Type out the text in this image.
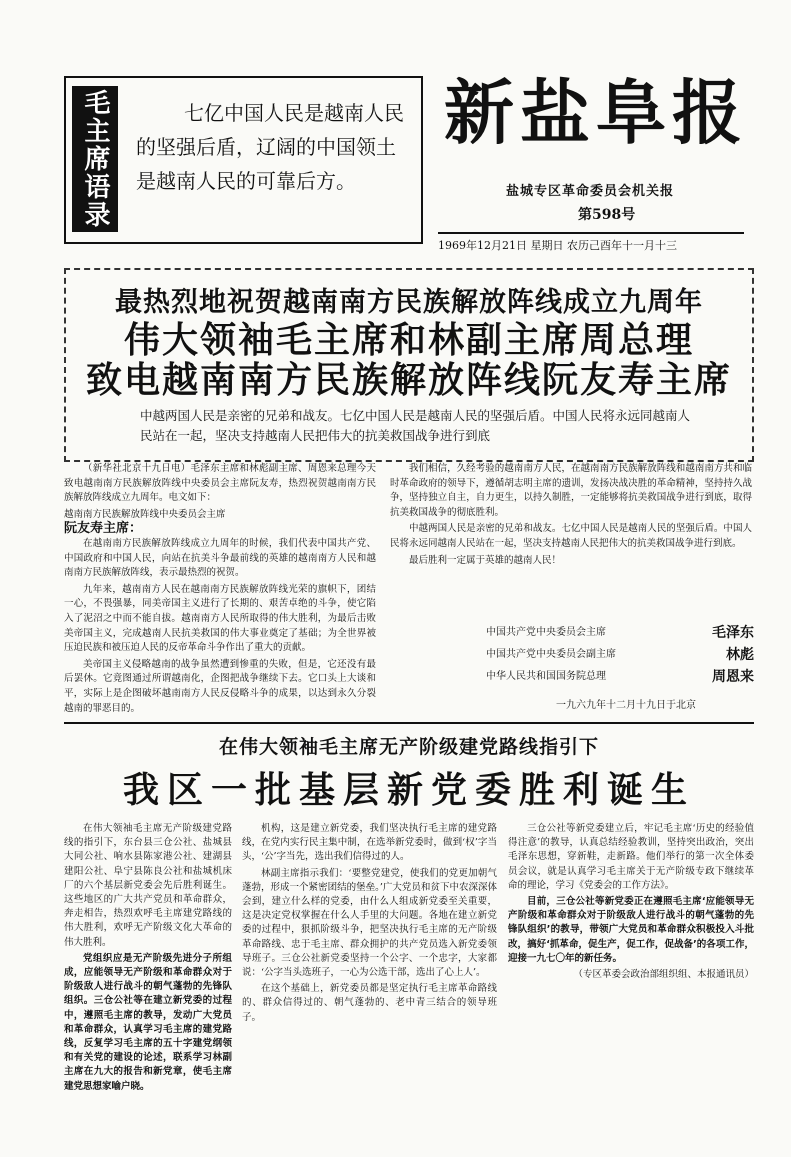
毛主席语录	七亿中国人民是越南人民的坚强后盾，辽阔的中国领土是越南人民的可靠后方。
新盐阜报
盐城专区革命委员会机关报
第598号
1969年12月21日 星期日 农历己酉年十一月十三
最热烈地祝贺越南南方民族解放阵线成立九周年
伟大领袖毛主席和林副主席周总理
致电越南南方民族解放阵线阮友寿主席
中越两国人民是亲密的兄弟和战友。七亿中国人民是越南人民的坚强后盾。中国人民将永远同越南人民站在一起，坚决支持越南人民把伟大的抗美救国战争进行到底

（新华社北京十九日电）毛泽东主席和林彪副主席、周恩来总理今天致电越南南方民族解放阵线中央委员会主席阮友寿，热烈祝贺越南南方民族解放阵线成立九周年。电文如下：

越南南方民族解放阵线中央委员会主席
阮友寿主席：

在越南南方民族解放阵线成立九周年的时候，我们代表中国共产党、中国政府和中国人民，向站在抗美斗争最前线的英雄的越南南方人民和越南南方民族解放阵线，表示最热烈的祝贺。

九年来，越南南方人民在越南南方民族解放阵线光荣的旗帜下，团结一心，不畏强暴，同美帝国主义进行了长期的、艰苦卓绝的斗争，使它陷入了泥沼之中而不能自拔。越南南方人民所取得的伟大胜利，为最后击败美帝国主义，完成越南人民抗美救国的伟大事业奠定了基础；为全世界被压迫民族和被压迫人民的反帝革命斗争作出了重大的贡献。

美帝国主义侵略越南的战争虽然遭到惨重的失败，但是，它还没有最后罢休。它竟图通过所谓越南化，企图把战争继续下去。它口头上大谈和平，实际上是企图破坏越南南方人民反侵略斗争的成果，以达到永久分裂越南的罪恶目的。

我们相信，久经考验的越南南方人民，在越南南方民族解放阵线和越南南方共和临时革命政府的领导下，遵循胡志明主席的遗训，发扬决战决胜的革命精神，坚持持久战争，坚持独立自主，自力更生，以持久制胜，一定能够将抗美救国战争进行到底，取得抗美救国战争的彻底胜利。

中越两国人民是亲密的兄弟和战友。七亿中国人民是越南人民的坚强后盾。中国人民将永远同越南人民站在一起，坚决支持越南人民把伟大的抗美救国战争进行到底。

最后胜利一定属于英雄的越南人民！

中国共产党中央委员会主席	毛泽东
中国共产党中央委员会副主席	林彪
中华人民共和国国务院总理	周恩来
一九六九年十二月十九日于北京
在伟大领袖毛主席无产阶级建党路线指引下
我区一批基层新党委胜利诞生

在伟大领袖毛主席无产阶级建党路线的指引下，东台县三仓公社、盐城县大同公社、响水县陈家港公社、建湖县建阳公社、阜宁县陈良公社和盐城机床厂的六个基层新党委会先后胜利诞生。这些地区的广大共产党员和革命群众，奔走相告，热烈欢呼毛主席建党路线的伟大胜利，欢呼无产阶级文化大革命的伟大胜利。

党组织应是无产阶级先进分子所组成，应能领导无产阶级和革命群众对于阶级敌人进行战斗的朝气蓬勃的先锋队组织。三仓公社等在建立新党委的过程中，遵照毛主席的教导，发动广大党员和革命群众，认真学习毛主席的建党路线，反复学习毛主席的五十字建党纲领和有关党的建设的论述，联系学习林副主席在九大的报告和新党章，使毛主席建党思想家喻户晓。

机构，这是建立新党委，我们坚决执行毛主席的建党路线，在党内实行民主集中制，在选举新党委时，做到‘权’字当头，‘公’字当先，选出我们信得过的人。

林副主席指示我们：‘要整党建党，使我们的党更加朝气蓬勃，形成一个紧密团结的堡垒。’广大党员和贫下中农深深体会到，建立什么样的党委，由什么人组成新党委至关重要，这是决定党权掌握在什么人手里的大问题。各地在建立新党委的过程中，狠抓阶级斗争，把坚决执行毛主席的无产阶级革命路线、忠于毛主席、群众拥护的共产党员选入新党委领导班子。三仓公社新党委坚持一个公字、一个忠字，大家都说：‘公字当头选班子，一心为公选干部，选出了心上人’。

在这个基础上，新党委员都是坚定执行毛主席革命路线的、群众信得过的、朝气蓬勃的、老中青三结合的领导班子。

三仓公社等新党委建立后，牢记毛主席‘历史的经验值得注意’的教导，认真总结经验教训，坚持突出政治，突出毛泽东思想，穿新鞋，走新路。他们举行的第一次全体委员会议，就是认真学习毛主席关于无产阶级专政下继续革命的理论，学习《党委会的工作方法》。

目前，三仓公社等新党委正在遵照毛主席‘应能领导无产阶级和革命群众对于阶级敌人进行战斗的朝气蓬勃的先锋队组织’的教导，带领广大党员和革命群众积极投入斗批改，搞好‘抓革命，促生产，促工作，促战备’的各项工作，迎接一九七〇年的新任务。

（专区革委会政治部组织组、本报通讯员）
